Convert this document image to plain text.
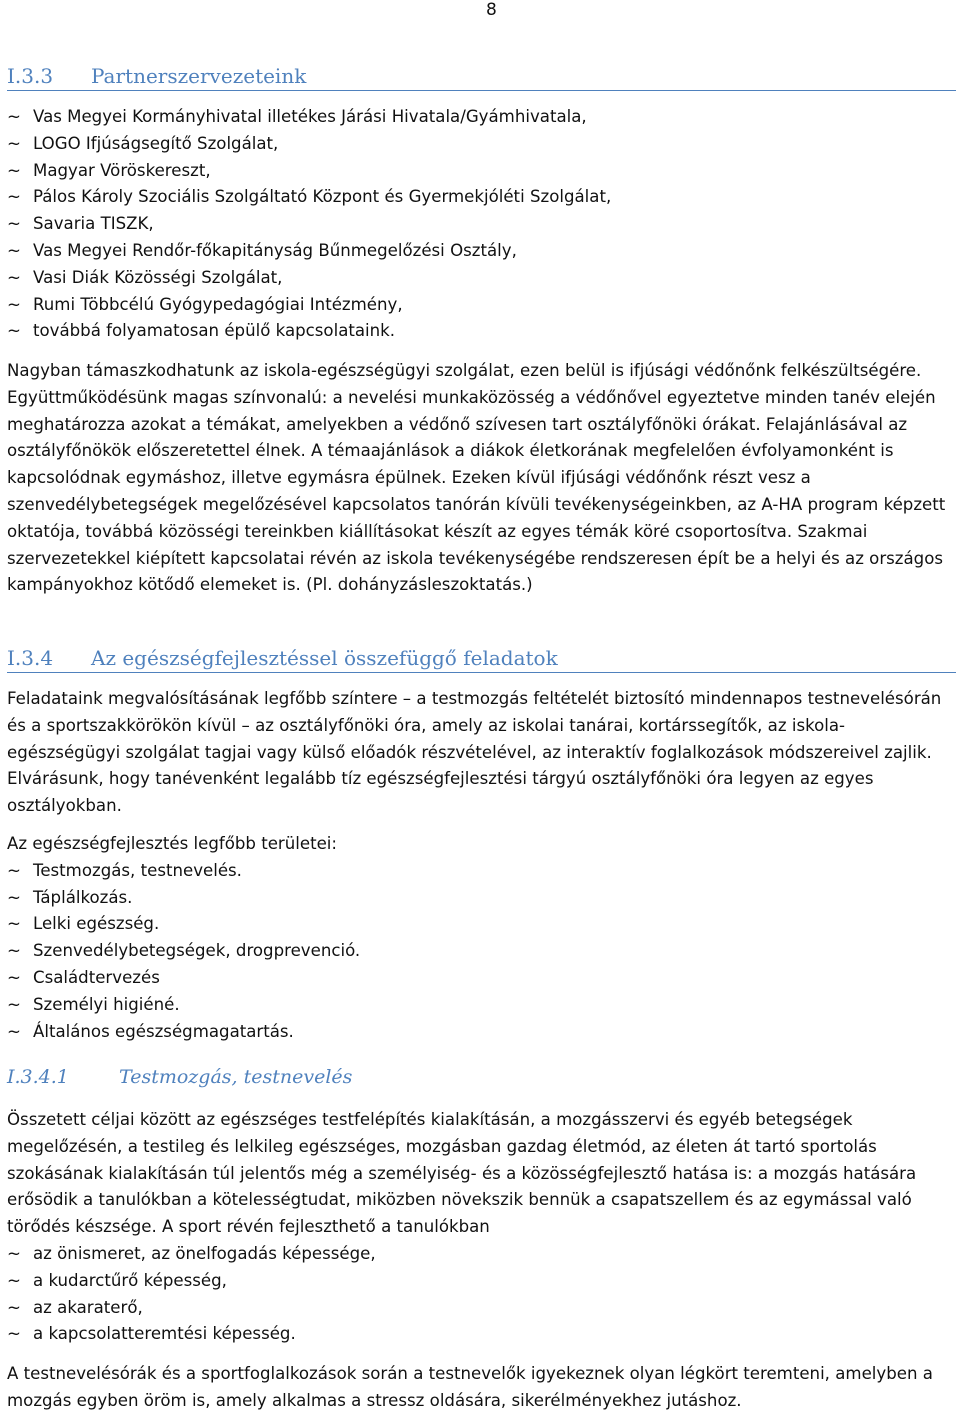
8
I.3.3 Partnerszervezeteink
~ Vas Megyei Kormányhivatal illetékes Járási Hivatala/Gyámhivatala,
~ LOGO Ifjúságsegítő Szolgálat,
~ Magyar Vöröskereszt,
~ Pálos Károly Szociális Szolgáltató Központ és Gyermekjóléti Szolgálat,
~ Savaria TISZK,
~ Vas Megyei Rendőr-főkapitányság Bűnmegelőzési Osztály,
~ Vasi Diák Közösségi Szolgálat,
~ Rumi Többcélú Gyógypedagógiai Intézmény,
~ továbbá folyamatosan épülő kapcsolataink.

Nagyban támaszkodhatunk az iskola-egészségügyi szolgálat, ezen belül is ifjúsági védőnőnk felkészültségére. Együttműködésünk magas színvonalú: a nevelési munkaközösség a védőnővel egyeztetve minden tanév elején meghatározza azokat a témákat, amelyekben a védőnő szívesen tart osztályfőnöki órákat. Felajánlásával az osztályfőnökök előszeretettel élnek. A témaajánlások a diákok életkorának megfelelően évfolyamonként is kapcsolódnak egymáshoz, illetve egymásra épülnek. Ezeken kívül ifjúsági védőnőnk részt vesz a szenvedélybetegségek megelőzésével kapcsolatos tanórán kívüli tevékenységeinkben, az A-HA program képzett oktatója, továbbá közösségi tereinkben kiállításokat készít az egyes témák köré csoportosítva. Szakmai szervezetekkel kiépített kapcsolatai révén az iskola tevékenységébe rendszeresen épít be a helyi és az országos kampányokhoz kötődő elemeket is. (Pl. dohányzásleszoktatás.)

I.3.4 Az egészségfejlesztéssel összefüggő feladatok

Feladataink megvalósításának legfőbb színtere – a testmozgás feltételét biztosító mindennapos testnevelésórán és a sportszakkörökön kívül – az osztályfőnöki óra, amely az iskolai tanárai, kortárssegítők, az iskola-egészségügyi szolgálat tagjai vagy külső előadók részvételével, az interaktív foglalkozások módszereivel zajlik. Elvárásunk, hogy tanévenként legalább tíz egészségfejlesztési tárgyú osztályfőnöki óra legyen az egyes osztályokban.

Az egészségfejlesztés legfőbb területei:

~ Testmozgás, testnevelés.
~ Táplálkozás.
~ Lelki egészség.
~ Szenvedélybetegségek, drogprevenció.
~ Családtervezés
~ Személyi higiéné.
~ Általános egészségmagatartás.
I.3.4.1	Testmozgás, testnevelés

Összetett céljai között az egészséges testfelépítés kialakításán, a mozgásszervi és egyéb betegségek megelőzésén, a testileg és lelkileg egészséges, mozgásban gazdag életmód, az életen át tartó sportolás szokásának kialakításán túl jelentős még a személyiség- és a közösségfejlesztő hatása is: a mozgás hatására erősödik a tanulókban a kötelességtudat, miközben növekszik bennük a csapatszellem és az egymással való törődés készsége. A sport révén fejleszthető a tanulókban

~ az önismeret, az önelfogadás képessége,
~ a kudarctűrő képesség,
~ az akaraterő,
~ a kapcsolatteremtési képesség.

A testnevelésórák és a sportfoglalkozások során a testnevelők igyekeznek olyan légkört teremteni, amelyben a mozgás egyben öröm is, amely alkalmas a stressz oldására, sikerélményekhez jutáshoz.
